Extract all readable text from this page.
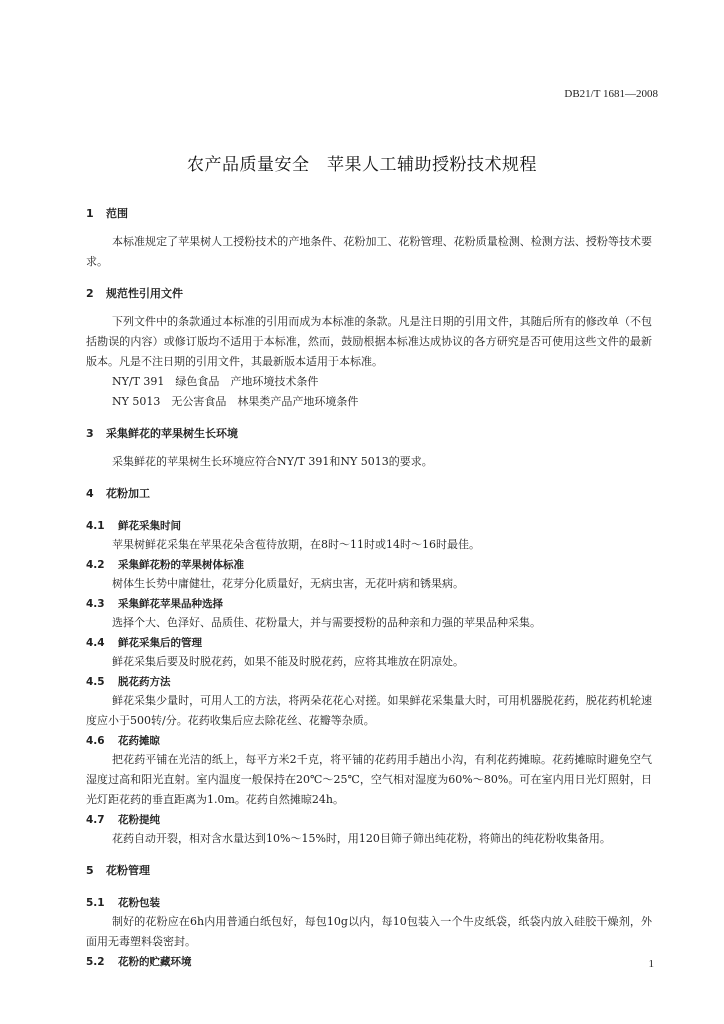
DB21/T 1681—2008
农产品质量安全　苹果人工辅助授粉技术规程
1 范围

本标准规定了苹果树人工授粉技术的产地条件、花粉加工、花粉管理、花粉质量检测、检测方法、授粉等技术要求。

2 规范性引用文件

下列文件中的条款通过本标准的引用而成为本标准的条款。凡是注日期的引用文件，其随后所有的修改单（不包括勘误的内容）或修订版均不适用于本标准，然而，鼓励根据本标准达成协议的各方研究是否可使用这些文件的最新版本。凡是不注日期的引用文件，其最新版本适用于本标准。

NY/T 391　绿色食品　产地环境技术条件

NY 5013　无公害食品　林果类产品产地环境条件

3 采集鲜花的苹果树生长环境

采集鲜花的苹果树生长环境应符合NY/T 391和NY 5013的要求。

4 花粉加工
4.1 鲜花采集时间

苹果树鲜花采集在苹果花朵含苞待放期，在8时～11时或14时～16时最佳。

4.2 采集鲜花粉的苹果树体标准

树体生长势中庸健壮，花芽分化质量好，无病虫害，无花叶病和锈果病。

4.3 采集鲜花苹果品种选择

选择个大、色泽好、品质佳、花粉量大，并与需要授粉的品种亲和力强的苹果品种采集。

4.4 鲜花采集后的管理

鲜花采集后要及时脱花药，如果不能及时脱花药，应将其堆放在阴凉处。

4.5 脱花药方法

鲜花采集少量时，可用人工的方法，将两朵花花心对搓。如果鲜花采集量大时，可用机器脱花药，脱花药机轮速度应小于500转/分。花药收集后应去除花丝、花瓣等杂质。

4.6 花药摊晾

把花药平铺在光洁的纸上，每平方米2千克，将平铺的花药用手趟出小沟，有利花药摊晾。花药摊晾时避免空气湿度过高和阳光直射。室内温度一般保持在20℃～25℃，空气相对湿度为60%～80%。可在室内用日光灯照射，日光灯距花药的垂直距离为1.0m。花药自然摊晾24h。

4.7 花粉提纯

花药自动开裂，相对含水量达到10%～15%时，用120目筛子筛出纯花粉，将筛出的纯花粉收集备用。

5 花粉管理
5.1 花粉包装

制好的花粉应在6h内用普通白纸包好，每包10g以内，每10包装入一个牛皮纸袋，纸袋内放入硅胶干燥剂，外面用无毒塑料袋密封。

5.2 花粉的贮藏环境	1
